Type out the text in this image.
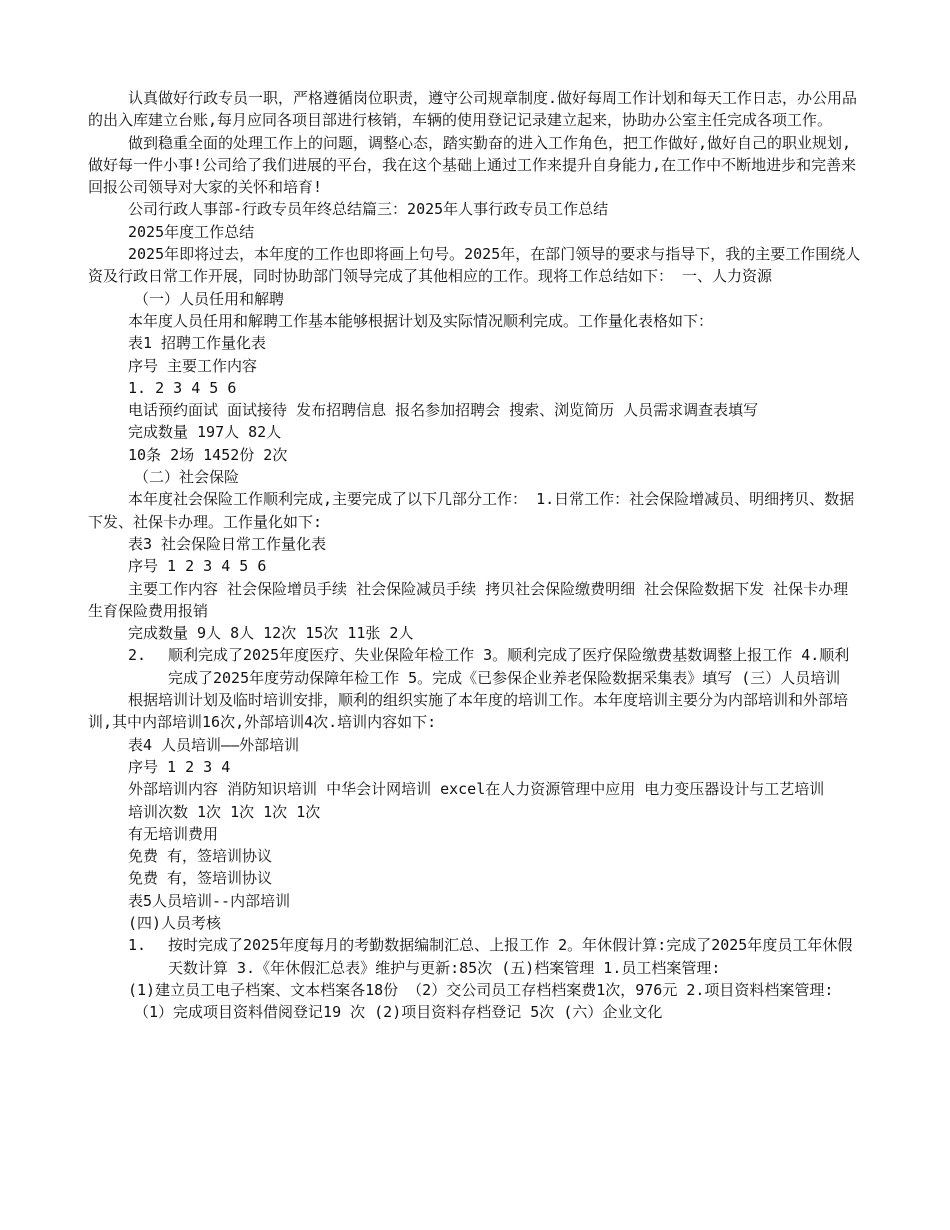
认真做好行政专员一职，严格遵循岗位职责，遵守公司规章制度.做好每周工作计划和每天工作日志，办公用品的出入库建立台账,每月应同各项目部进行核销，车辆的使用登记记录建立起来，协助办公室主任完成各项工作。

做到稳重全面的处理工作上的问题，调整心态，踏实勤奋的进入工作角色，把工作做好,做好自己的职业规划,做好每一件小事!公司给了我们进展的平台，我在这个基础上通过工作来提升自身能力,在工作中不断地进步和完善来回报公司领导对大家的关怀和培育!

公司行政人事部-行政专员年终总结篇三：2025年人事行政专员工作总结

2025年度工作总结

2025年即将过去，本年度的工作也即将画上句号。2025年，在部门领导的要求与指导下，我的主要工作围绕人资及行政日常工作开展，同时协助部门领导完成了其他相应的工作。现将工作总结如下： 一、人力资源

（一）人员任用和解聘

本年度人员任用和解聘工作基本能够根据计划及实际情况顺利完成。工作量化表格如下：

表1 招聘工作量化表

序号 主要工作内容

1. 2 3 4 5 6

电话预约面试 面试接待 发布招聘信息 报名参加招聘会 搜索、浏览简历 人员需求调查表填写

完成数量 197人 82人

10条 2场 1452份 2次

（二）社会保险

本年度社会保险工作顺利完成,主要完成了以下几部分工作： 1.日常工作：社会保险增减员、明细拷贝、数据下发、社保卡办理。工作量化如下:

表3 社会保险日常工作量化表

序号 1 2 3 4 5 6

主要工作内容 社会保险增员手续 社会保险减员手续 拷贝社会保险缴费明细 社会保险数据下发 社保卡办理 生育保险费用报销

完成数量 9人 8人 12次 15次 11张 2人

2.	顺利完成了2025年度医疗、失业保险年检工作 3。顺利完成了医疗保险缴费基数调整上报工作 4.顺利完成了2025年度劳动保障年检工作 5。完成《已参保企业养老保险数据采集表》填写 (三）人员培训

根据培训计划及临时培训安排，顺利的组织实施了本年度的培训工作。本年度培训主要分为内部培训和外部培训,其中内部培训16次,外部培训4次.培训内容如下:

表4 人员培训——外部培训

序号 1 2 3 4

外部培训内容 消防知识培训 中华会计网培训 excel在人力资源管理中应用 电力变压器设计与工艺培训

培训次数 1次 1次 1次 1次

有无培训费用

免费 有，签培训协议

免费 有，签培训协议

表5人员培训--内部培训

(四)人员考核

1.	按时完成了2025年度每月的考勤数据编制汇总、上报工作 2。年休假计算:完成了2025年度员工年休假天数计算 3.《年休假汇总表》维护与更新:85次 (五)档案管理 1.员工档案管理:

(1)建立员工电子档案、文本档案各18份 （2）交公司员工存档档案费1次，976元 2.项目资料档案管理:

（1）完成项目资料借阅登记19 次 (2)项目资料存档登记 5次 (六）企业文化
